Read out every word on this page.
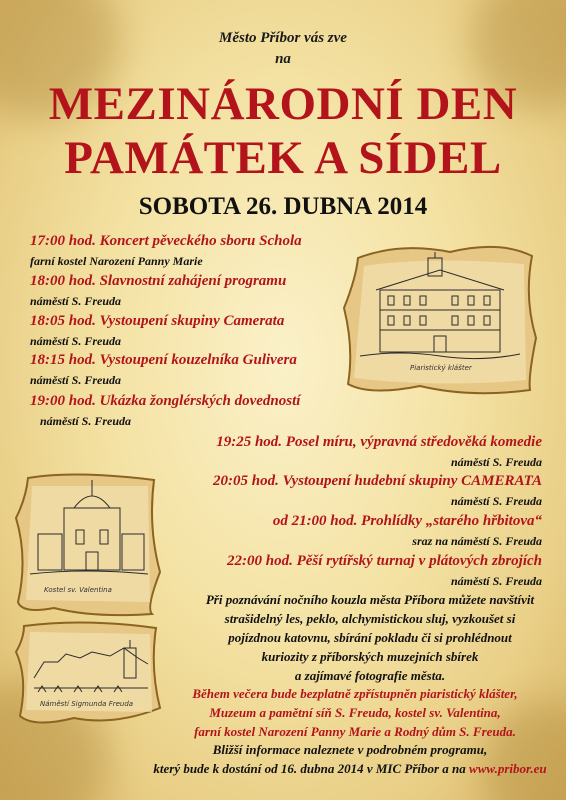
Město Příbor vás zve
na
MEZINÁRODNÍ DEN
PAMÁTEK A SÍDEL
SOBOTA 26. DUBNA 2014
17:00 hod. Koncert pěveckého sboru Schola
farní kostel Narození Panny Marie
18:00 hod. Slavnostní zahájení programu
náměstí S. Freuda
18:05 hod. Vystoupení skupiny Camerata
náměstí S. Freuda
18:15 hod. Vystoupení kouzelníka Gulivera
náměstí S. Freuda
19:00 hod. Ukázka žonglérských dovedností
náměstí S. Freuda
19:25 hod. Posel míru, výpravná středověká komedie
náměstí S. Freuda
20:05 hod. Vystoupení hudební skupiny CAMERATA
náměstí S. Freuda
od 21:00 hod. Prohlídky „starého hřbitova“
sraz na náměstí S. Freuda
22:00 hod. Pěší rytířský turnaj v plátových zbrojích
náměstí S. Freuda
Při poznávání nočního kouzla města Příbora můžete navštívit
strašidelný les, peklo, alchymistickou sluj, vyzkoušet si
pojízdnou katovnu, sbírání pokladu či si prohlédnout
kuriozity z příborských muzejních sbírek
a zajímavé fotografie města.
Během večera bude bezplatně zpřístupněn piaristický klášter,
Muzeum a pamětní síň S. Freuda, kostel sv. Valentina,
farní kostel Narození Panny Marie a Rodný dům S. Freuda.
Bližší informace naleznete v podrobném programu,
který bude k dostání od 16. dubna 2014 v MIC Příbor a na www.pribor.eu
Piaristický klášter
Kostel sv. Valentina
Náměstí Sigmunda Freuda
